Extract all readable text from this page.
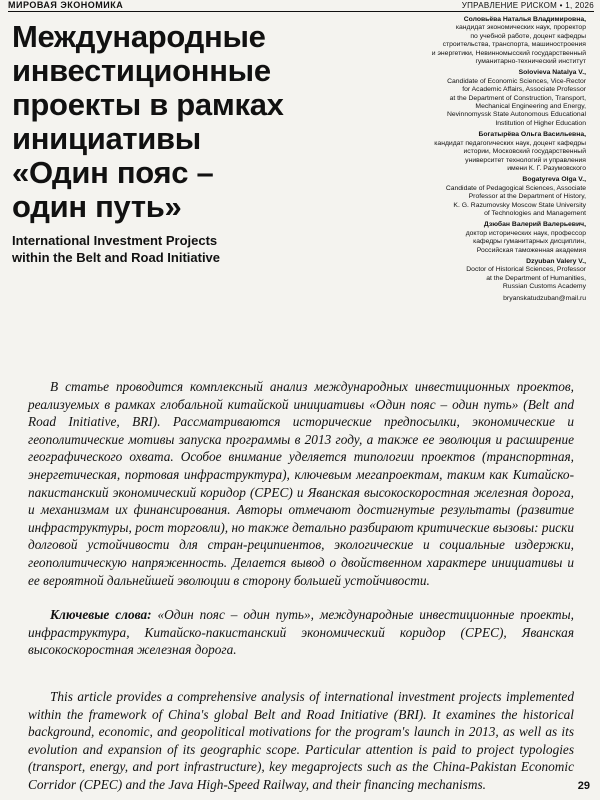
МИРОВАЯ ЭКОНОМИКА	УПРАВЛЕНИЕ РИСКОМ • 1, 2026
Международные
инвестиционные
проекты в рамках
инициативы
«Один пояс –
один путь»
International Investment Projects
within the Belt and Road Initiative
Соловьёва Наталья Владимировна,
кандидат экономических наук, проректор
по учебной работе, доцент кафедры
строительства, транспорта, машиностроения
и энергетики, Невинномысский государственный
гуманитарно-технический институт
Solovieva Natalya V.,
Candidate of Economic Sciences, Vice-Rector
for Academic Affairs, Associate Professor
at the Department of Construction, Transport,
Mechanical Engineering and Energy,
Nevinnomyssk State Autonomous Educational
Institution of Higher Education
Богатырёва Ольга Васильевна,
кандидат педагогических наук, доцент кафедры
истории, Московский государственный
университет технологий и управления
имени К. Г. Разумовского
Bogatyreva Olga V.,
Candidate of Pedagogical Sciences, Associate
Professor at the Department of History,
K. G. Razumovsky Moscow State University
of Technologies and Management
Дзюбан Валерий Валерьевич,
доктор исторических наук, профессор
кафедры гуманитарных дисциплин,
Российская таможенная академия
Dzyuban Valery V.,
Doctor of Historical Sciences, Professor
at the Department of Humanities,
Russian Customs Academy
bryanskatudzuban@mail.ru

В статье проводится комплексный анализ международных инвестиционных проектов, реализуемых в рамках глобальной китайской инициативы «Один пояс – один путь» (Belt and Road Initiative, BRI). Рассматриваются исторические предпосылки, экономические и геополитические мотивы запуска программы в 2013 году, а также ее эволюция и расширение географического охвата. Особое внимание уделяется типологии проектов (транспортная, энергетическая, портовая инфраструктура), ключевым мегапроектам, таким как Китайско-пакистанский экономический коридор (CPEC) и Яванская высокоскоростная железная дорога, и механизмам их финансирования. Авторы отмечают достигнутые результаты (развитие инфраструктуры, рост торговли), но также детально разбирают критические вызовы: риски долговой устойчивости для стран-реципиентов, экологические и социальные издержки, геополитическую напряженность. Делается вывод о двойственном характере инициативы и ее вероятной дальнейшей эволюции в сторону большей устойчивости.

Ключевые слова: «Один пояс – один путь», международные инвестиционные проекты, инфраструктура, Китайско-пакистанский экономический коридор (CPEC), Яванская высокоскоростная железная дорога.

This article provides a comprehensive analysis of international investment projects implemented within the framework of China's global Belt and Road Initiative (BRI). It examines the historical background, economic, and geopolitical motivations for the program's launch in 2013, as well as its evolution and expansion of its geographic scope. Particular attention is paid to project typologies (transport, energy, and port infrastructure), key megaprojects such as the China-Pakistan Economic Corridor (CPEC) and the Java High-Speed Railway, and their financing mechanisms.	29
